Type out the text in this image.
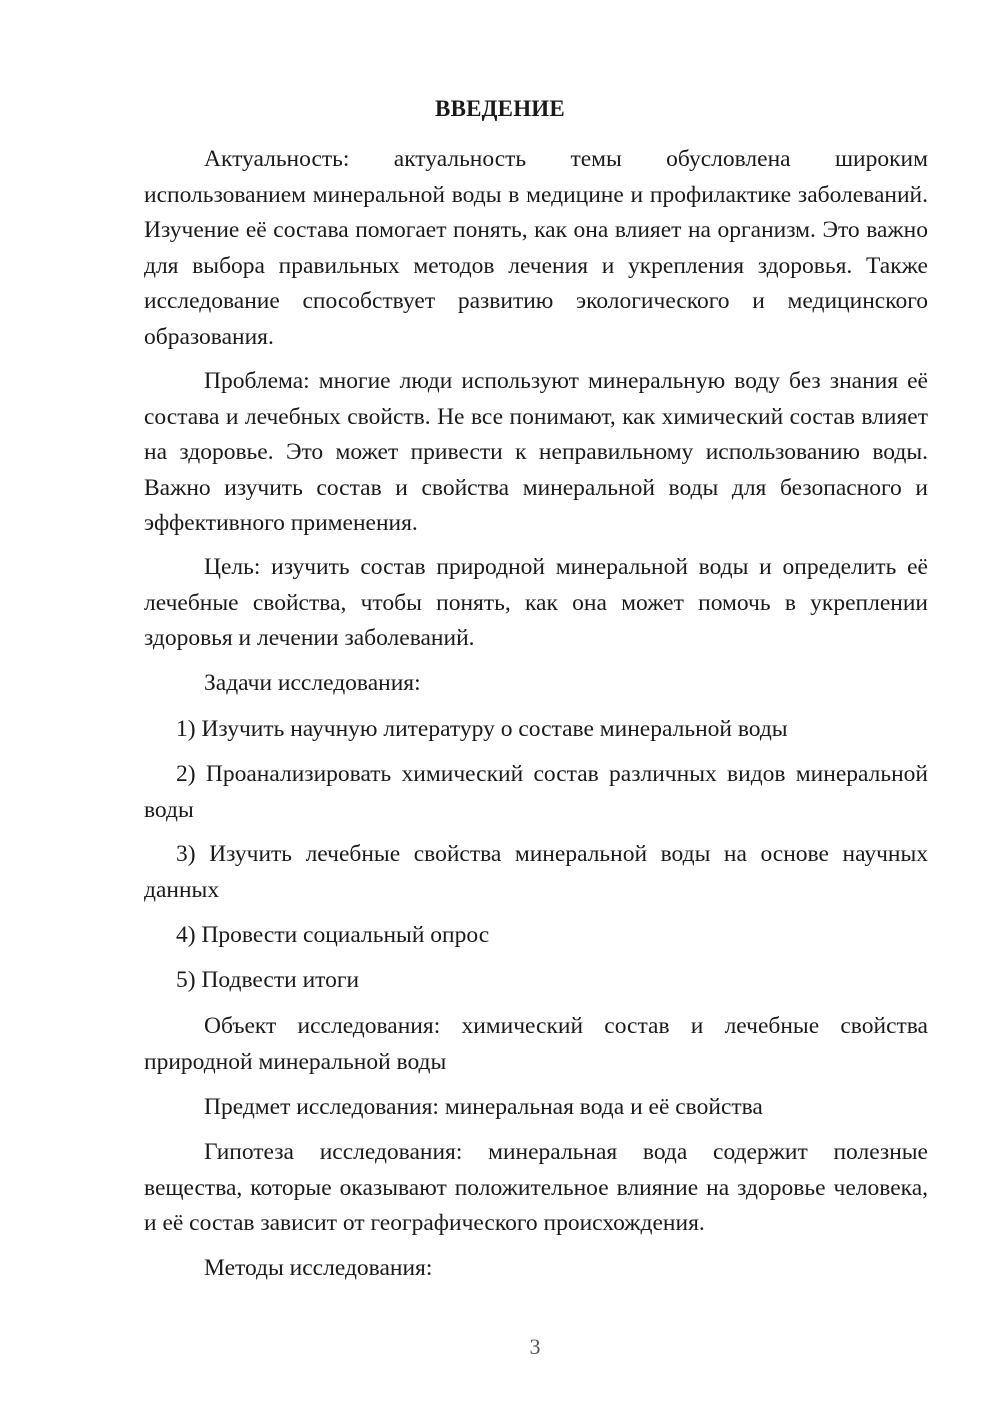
ВВЕДЕНИЕ
Актуальность: актуальность темы обусловлена широким использованием минеральной воды в медицине и профилактике заболеваний. Изучение её состава помогает понять, как она влияет на организм. Это важно для выбора правильных методов лечения и укрепления здоровья. Также исследование способствует развитию экологического и медицинского образования.
Проблема: многие люди используют минеральную воду без знания её состава и лечебных свойств. Не все понимают, как химический состав влияет на здоровье. Это может привести к неправильному использованию воды. Важно изучить состав и свойства минеральной воды для безопасного и эффективного применения.
Цель: изучить состав природной минеральной воды и определить её лечебные свойства, чтобы понять, как она может помочь в укреплении здоровья и лечении заболеваний.
Задачи исследования:
1) Изучить научную литературу о составе минеральной воды
2) Проанализировать химический состав различных видов минеральной воды
3) Изучить лечебные свойства минеральной воды на основе научных данных
4) Провести социальный опрос
5) Подвести итоги
Объект исследования: химический состав и лечебные свойства природной минеральной воды
Предмет исследования: минеральная вода и её свойства
Гипотеза исследования: минеральная вода содержит полезные вещества, которые оказывают положительное влияние на здоровье человека, и её состав зависит от географического происхождения.
Методы исследования:
3
